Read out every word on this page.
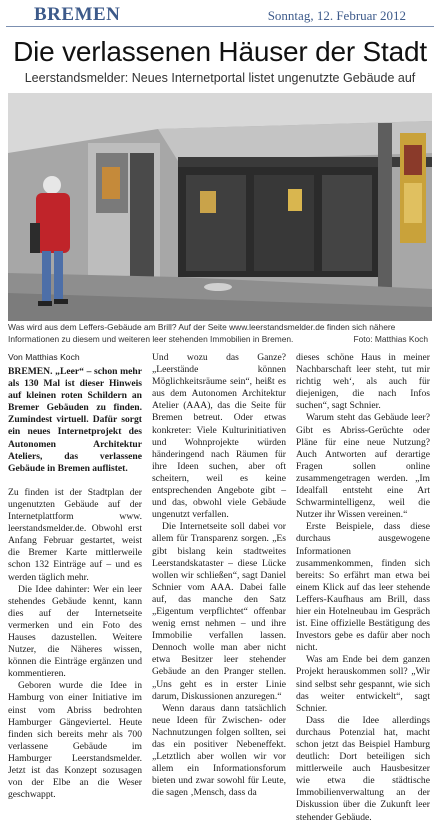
BREMEN	Sonntag, 12. Februar 2012
Die verlassenen Häuser der Stadt
Leerstandsmelder: Neues Internetportal listet ungenutzte Gebäude auf
Was wird aus dem Leffers-Gebäude am Brill? Auf der Seite www.leerstandsmelder.de finden sich nähere Informationen zu diesem und weiteren leer stehenden Immobilien in Bremen.	Foto: Matthias Koch
Von Matthias Koch

BREMEN. „Leer“ – schon mehr als 130 Mal ist dieser Hinweis auf kleinen roten Schildern an Bremer Gebäuden zu finden. Zumindest virtuell. Dafür sorgt ein neues Internetprojekt des Autonomen Architektur Ateliers, das verlassene Gebäude in Bremen auflistet.

Zu finden ist der Stadtplan der ungenutzten Gebäude auf der Internetplattform www. leerstandsmelder.de. Obwohl erst Anfang Februar gestartet, weist die Bremer Karte mittlerweile schon 132 Einträge auf – und es werden täglich mehr.

Die Idee dahinter: Wer ein leer stehendes Gebäude kennt, kann dies auf der Internetseite vermerken und ein Foto des Hauses dazustellen. Weitere Nutzer, die Näheres wissen, können die Einträge ergänzen und kommentieren.

Geboren wurde die Idee in Hamburg von einer Initiative im einst vom Abriss bedrohten Hamburger Gängeviertel. Heute finden sich bereits mehr als 700 verlassene Gebäude im Hamburger Leerstandsmelder. Jetzt ist das Konzept sozusagen von der Elbe an die Weser geschwappt.

Und wozu das Ganze? „Leerstände können Möglichkeitsräume sein“, heißt es aus dem Autonomen Architektur Atelier (AAA), das die Seite für Bremen betreut. Oder etwas konkreter: Viele Kulturinitiativen und Wohnprojekte würden händeringend nach Räumen für ihre Ideen suchen, aber oft scheitern, weil es keine entsprechenden Angebote gibt – und das, obwohl viele Gebäude ungenutzt verfallen.

Die Internetseite soll dabei vor allem für Transparenz sorgen. „Es gibt bislang kein stadtweites Leerstandskataster – diese Lücke wollen wir schließen“, sagt Daniel Schnier vom AAA. Dabei falle auf, das manche den Satz „Eigentum verpflichtet“ offenbar wenig ernst nehmen – und ihre Immobilie verfallen lassen. Dennoch wolle man aber nicht etwa Besitzer leer stehender Gebäude an den Pranger stellen. „Uns geht es in erster Linie darum, Diskussionen anzuregen.“

Wenn daraus dann tatsächlich neue Ideen für Zwischen- oder Nachnutzungen folgen sollten, sei das ein positiver Nebeneffekt. „Letztlich aber wollen wir vor allem ein Informationsforum bieten und zwar sowohl für Leute, die sagen ‚Mensch, dass da

dieses schöne Haus in meiner Nachbarschaft leer steht, tut mir richtig weh‘, als auch für diejenigen, die nach Infos suchen“, sagt Schnier.

Warum steht das Gebäude leer? Gibt es Abriss-Gerüchte oder Pläne für eine neue Nutzung? Auch Antworten auf derartige Fragen sollen online zusammengetragen werden. „Im Idealfall entsteht eine Art Schwarmintelligenz, weil die Nutzer ihr Wissen vereinen.“

Erste Beispiele, dass diese durchaus ausgewogene Informationen zusammenkommen, finden sich bereits: So erfährt man etwa bei einem Klick auf das leer stehende Leffers-Kaufhaus am Brill, dass hier ein Hotelneubau im Gespräch ist. Eine offizielle Bestätigung des Investors gebe es dafür aber noch nicht.

Was am Ende bei dem ganzen Projekt herauskommen soll? „Wir sind selbst sehr gespannt, wie sich das weiter entwickelt“, sagt Schnier.

Dass die Idee allerdings durchaus Potenzial hat, macht schon jetzt das Beispiel Hamburg deutlich: Dort beteiligen sich mittlerweile auch Hausbesitzer wie etwa die städtische Immobilienverwaltung an der Diskussion über die Zukunft leer stehender Gebäude.
